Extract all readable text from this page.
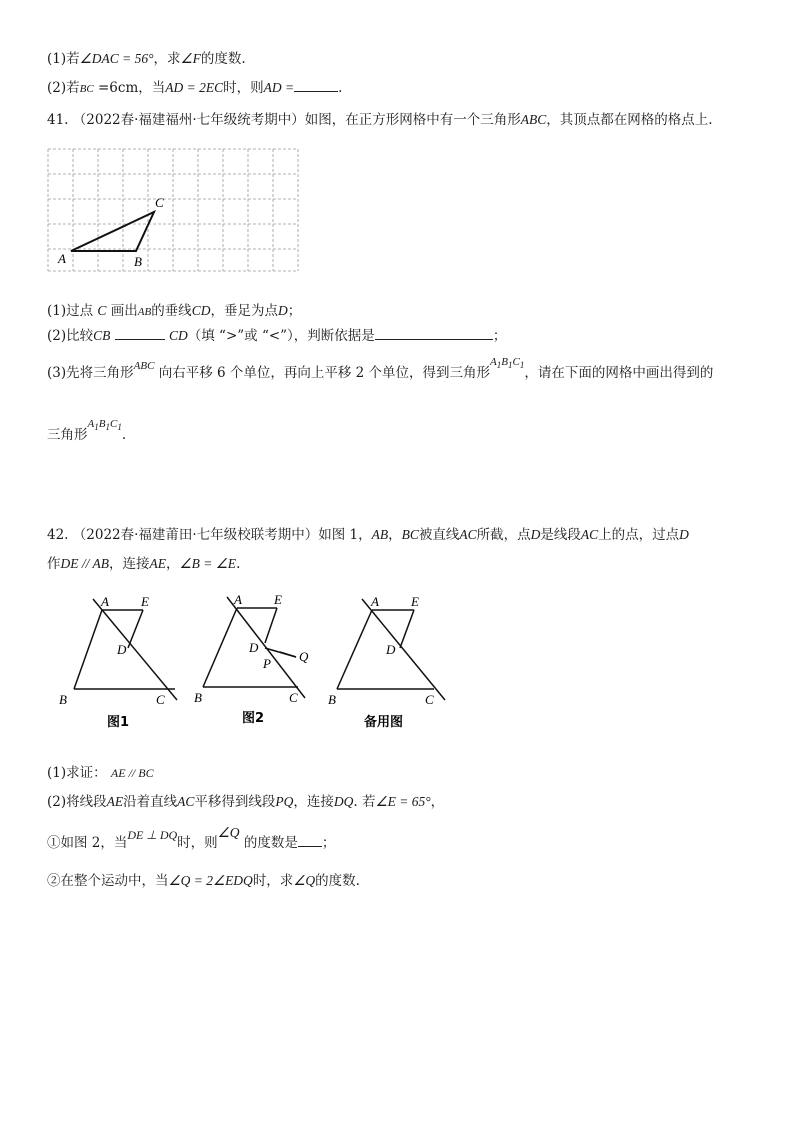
(1)若∠DAC = 56°，求∠F的度数.
(2)若BC =6cm，当AD = 2EC时，则AD =	.
41. （2022春·福建福州·七年级统考期中）如图，在正方形网格中有一个三角形ABC，其顶点都在网格的格点上.
A	B
C
(1)过点 C 画出AB的垂线CD，垂足为点D；
(2)比较CB	CD（填 “>”或 “<”），判断依据是	；
(3)先将三角形$^{ABC}$ 向右平移 6 个单位，再向上平移 2 个单位，得到三角形$^{A_1B_1C_1}$，请在下面的网格中画出得到的
三角形$^{A_1B_1C_1}$.
42. （2022春·福建莆田·七年级校联考期中）如图 1，AB，BC被直线AC所截，点D是线段AC上的点，过点D
作DE // AB，连接AE，∠B = ∠E.
A E
D
B	C
图1
A E
D
P Q
B	C
图2
A E
D
B	C
备用图
(1)求证： AE // BC
(2)将线段AE沿着直线AC平移得到线段PQ，连接DQ. 若∠E = 65°，
①如图 2，当DE ⊥ DQ时，则∠Q 的度数是 ；
②在整个运动中，当∠Q = 2∠EDQ时，求∠Q的度数.
